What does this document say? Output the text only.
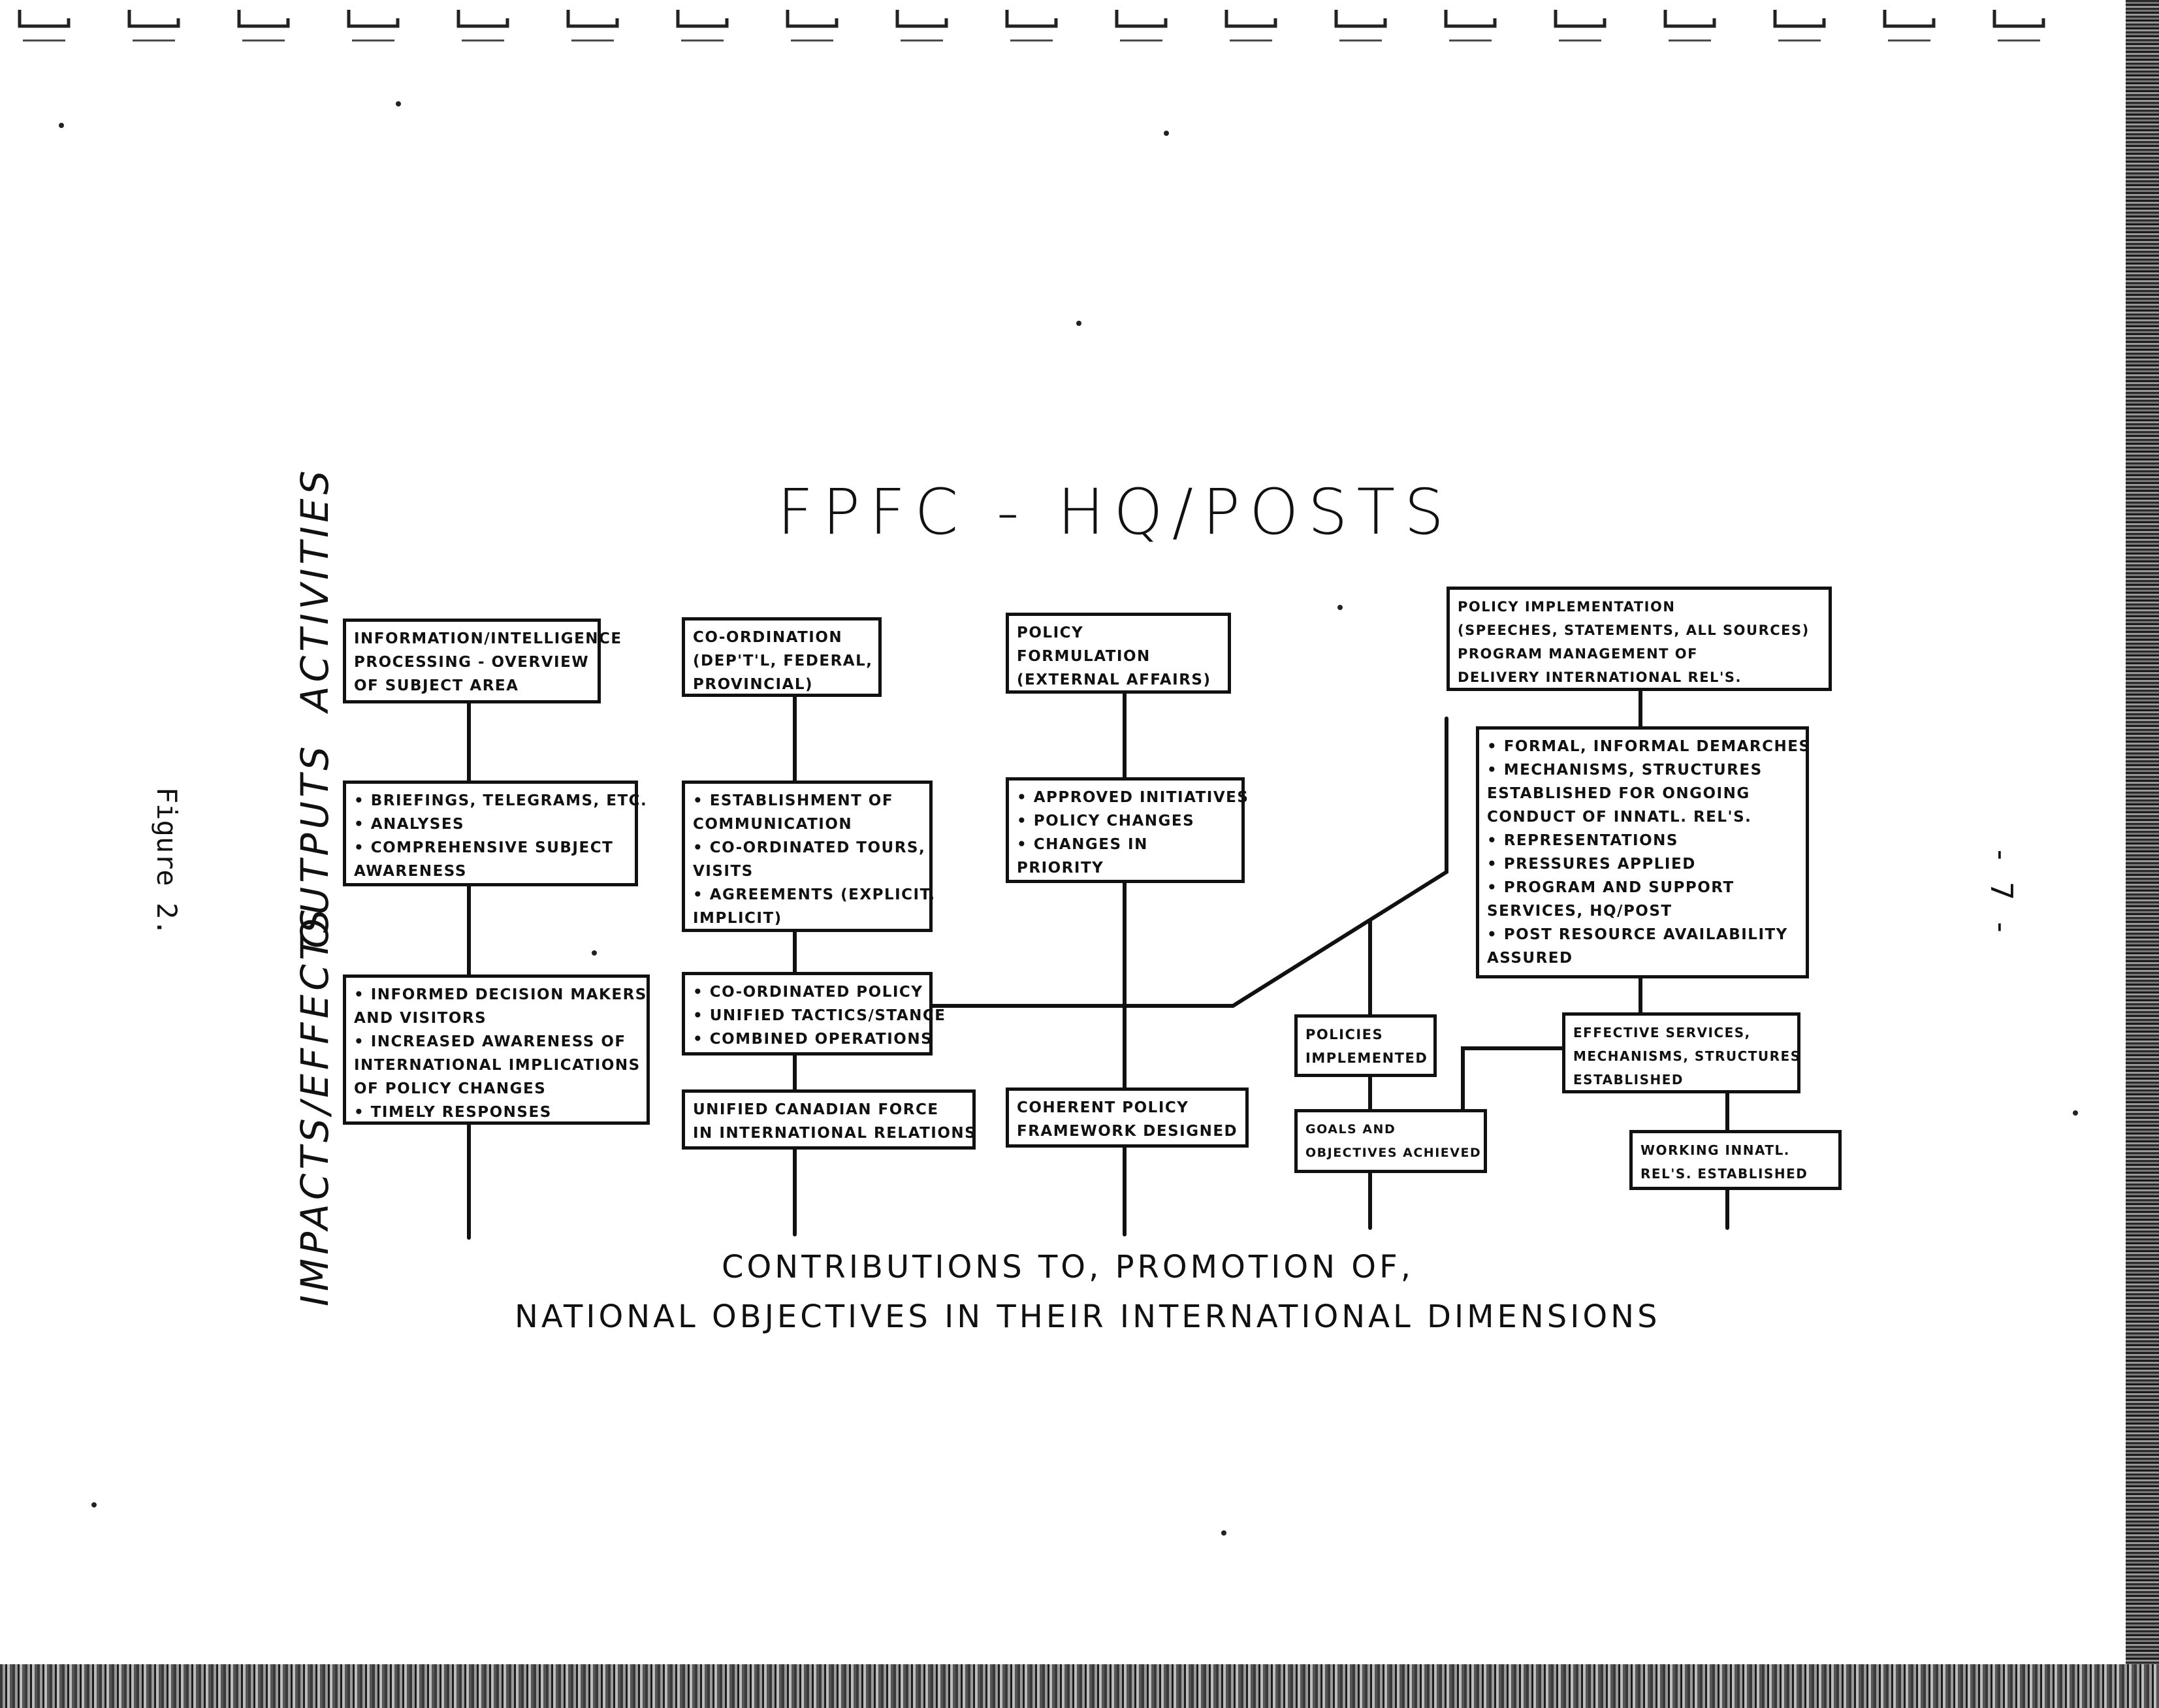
FPFC - HQ/POSTS
ACTIVITIES
OUTPUTS
IMPACTS/EFFECTS
Figure 2.	- 7 -
INFORMATION/INTELLIGENCE
PROCESSING - OVERVIEW
OF SUBJECT AREA
• BRIEFINGS, TELEGRAMS, ETC.
• ANALYSES
• COMPREHENSIVE SUBJECT
AWARENESS
• INFORMED DECISION MAKERS
AND VISITORS
• INCREASED AWARENESS OF
INTERNATIONAL IMPLICATIONS
OF POLICY CHANGES
• TIMELY RESPONSES
CO-ORDINATION
(DEP'T'L, FEDERAL,
PROVINCIAL)
• ESTABLISHMENT OF
COMMUNICATION
• CO-ORDINATED TOURS,
VISITS
• AGREEMENTS (EXPLICIT,
IMPLICIT)
• CO-ORDINATED POLICY
• UNIFIED TACTICS/STANCE
• COMBINED OPERATIONS
UNIFIED CANADIAN FORCE
IN INTERNATIONAL RELATIONS
POLICY
FORMULATION
(EXTERNAL AFFAIRS)
• APPROVED INITIATIVES
• POLICY CHANGES
• CHANGES IN
PRIORITY
COHERENT POLICY
FRAMEWORK DESIGNED
POLICY IMPLEMENTATION
(SPEECHES, STATEMENTS, ALL SOURCES)
PROGRAM MANAGEMENT OF
DELIVERY INTERNATIONAL REL'S.
• FORMAL, INFORMAL DEMARCHES
• MECHANISMS, STRUCTURES
ESTABLISHED FOR ONGOING
CONDUCT OF INNATL. REL'S.
• REPRESENTATIONS
• PRESSURES APPLIED
• PROGRAM AND SUPPORT
SERVICES, HQ/POST
• POST RESOURCE AVAILABILITY
ASSURED
POLICIES
IMPLEMENTED
GOALS AND
OBJECTIVES ACHIEVED
EFFECTIVE SERVICES,
MECHANISMS, STRUCTURES
ESTABLISHED
WORKING INNATL.
REL'S. ESTABLISHED
CONTRIBUTIONS TO, PROMOTION OF,
NATIONAL OBJECTIVES IN THEIR INTERNATIONAL DIMENSIONS
